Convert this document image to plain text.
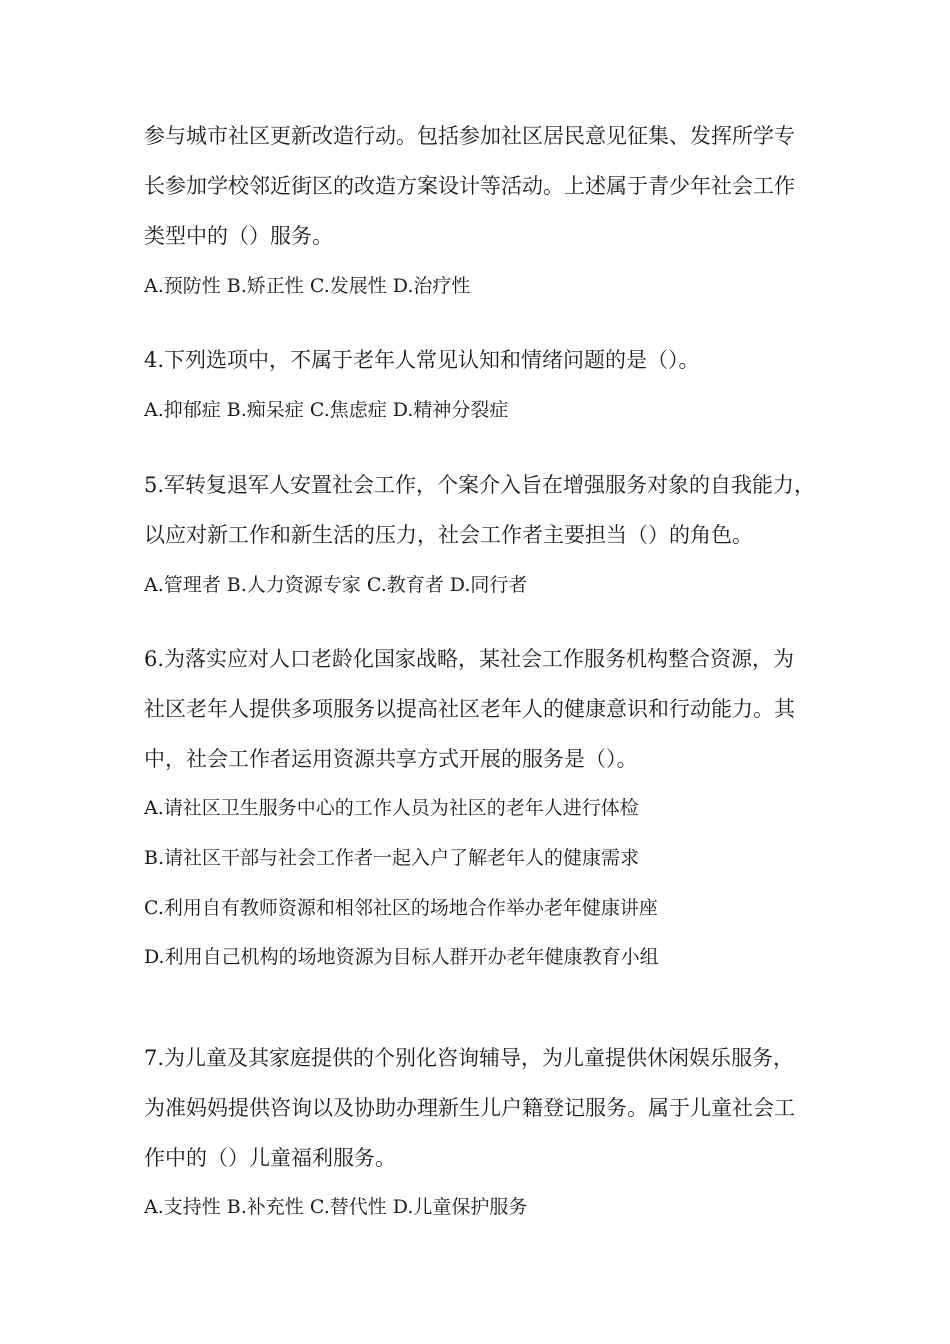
参与城市社区更新改造行动。包括参加社区居民意见征集、发挥所学专
长参加学校邻近街区的改造方案设计等活动。上述属于青少年社会工作
类型中的（）服务。
A.预防性 B.矫正性 C.发展性 D.治疗性
4.下列选项中，不属于老年人常见认知和情绪问题的是（）。
A.抑郁症 B.痴呆症 C.焦虑症 D.精神分裂症
5.军转复退军人安置社会工作，个案介入旨在增强服务对象的自我能力，
以应对新工作和新生活的压力，社会工作者主要担当（）的角色。
A.管理者 B.人力资源专家 C.教育者 D.同行者
6.为落实应对人口老龄化国家战略，某社会工作服务机构整合资源，为
社区老年人提供多项服务以提高社区老年人的健康意识和行动能力。其
中，社会工作者运用资源共享方式开展的服务是（）。
A.请社区卫生服务中心的工作人员为社区的老年人进行体检
B.请社区干部与社会工作者一起入户了解老年人的健康需求
C.利用自有教师资源和相邻社区的场地合作举办老年健康讲座
D.利用自己机构的场地资源为目标人群开办老年健康教育小组
7.为儿童及其家庭提供的个别化咨询辅导，为儿童提供休闲娱乐服务，
为准妈妈提供咨询以及协助办理新生儿户籍登记服务。属于儿童社会工
作中的（）儿童福利服务。
A.支持性 B.补充性 C.替代性 D.儿童保护服务
